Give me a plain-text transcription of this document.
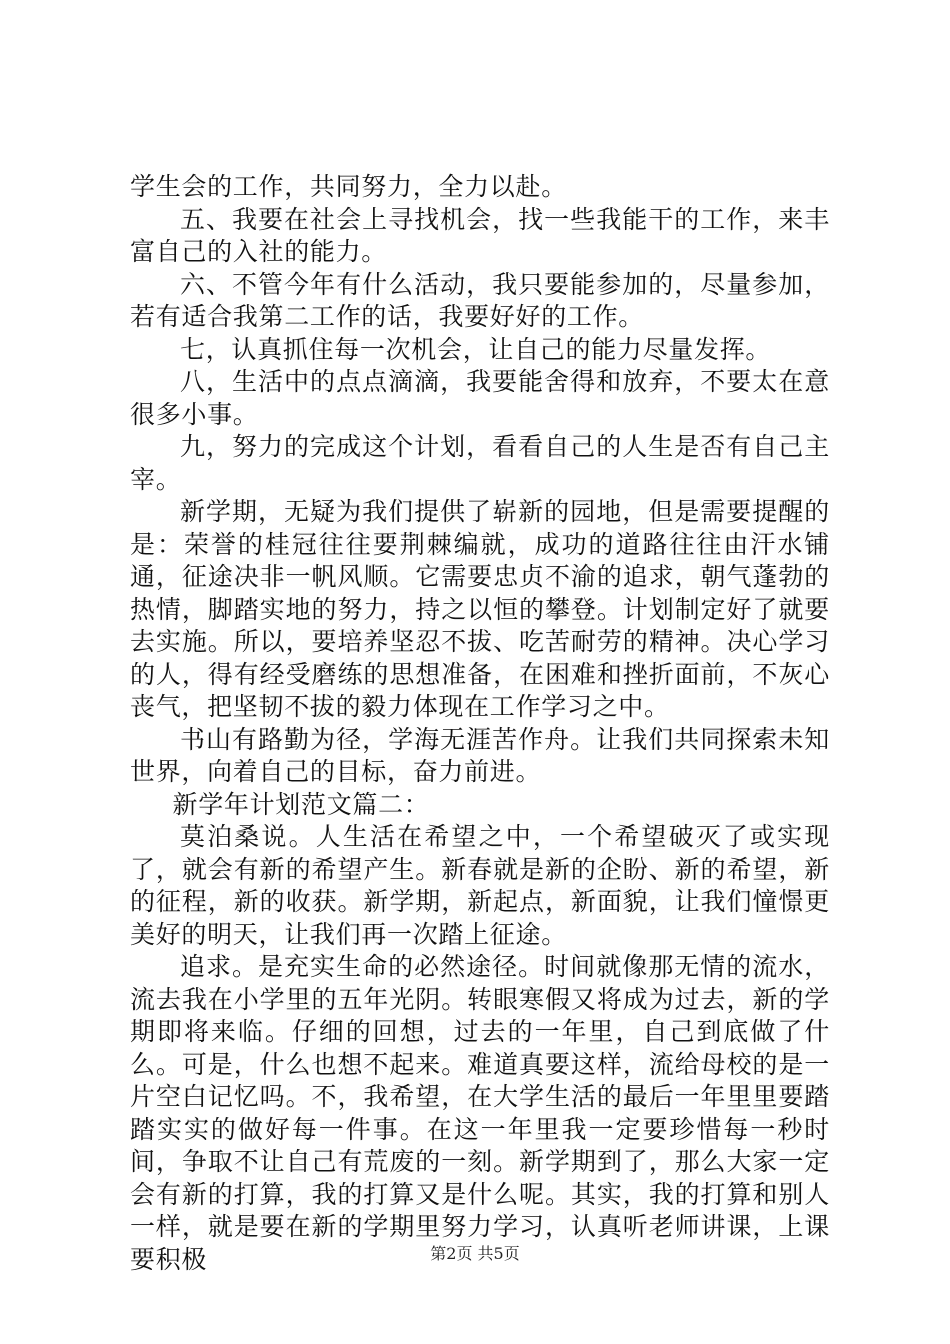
学生会的工作，共同努力，全力以赴。

五、我要在社会上寻找机会，找一些我能干的工作，来丰富自己的入社的能力。

六、不管今年有什么活动，我只要能参加的，尽量参加，若有适合我第二工作的话，我要好好的工作。

七，认真抓住每一次机会，让自己的能力尽量发挥。

八，生活中的点点滴滴，我要能舍得和放弃，不要太在意很多小事。

九，努力的完成这个计划，看看自己的人生是否有自己主宰。

新学期，无疑为我们提供了崭新的园地，但是需要提醒的是：荣誉的桂冠往往要荆棘编就，成功的道路往往由汗水铺通，征途决非一帆风顺。它需要忠贞不渝的追求，朝气蓬勃的热情，脚踏实地的努力，持之以恒的攀登。计划制定好了就要去实施。所以，要培养坚忍不拔、吃苦耐劳的精神。决心学习的人，得有经受磨练的思想准备，在困难和挫折面前，不灰心丧气，把坚韧不拔的毅力体现在工作学习之中。

书山有路勤为径，学海无涯苦作舟。让我们共同探索未知世界，向着自己的目标，奋力前进。

新学年计划范文篇二：

莫泊桑说。人生活在希望之中，一个希望破灭了或实现了，就会有新的希望产生。新春就是新的企盼、新的希望，新的征程，新的收获。新学期，新起点，新面貌，让我们憧憬更美好的明天，让我们再一次踏上征途。

追求。是充实生命的必然途径。时间就像那无情的流水，流去我在小学里的五年光阴。转眼寒假又将成为过去，新的学期即将来临。仔细的回想，过去的一年里，自己到底做了什么。可是，什么也想不起来。难道真要这样，流给母校的是一片空白记忆吗。不，我希望，在大学生活的最后一年里里要踏踏实实的做好每一件事。在这一年里我一定要珍惜每一秒时间，争取不让自己有荒废的一刻。新学期到了，那么大家一定会有新的打算，我的打算又是什么呢。其实，我的打算和别人一样，就是要在新的学期里努力学习，认真听老师讲课，上课要积极	第2页 共5页
